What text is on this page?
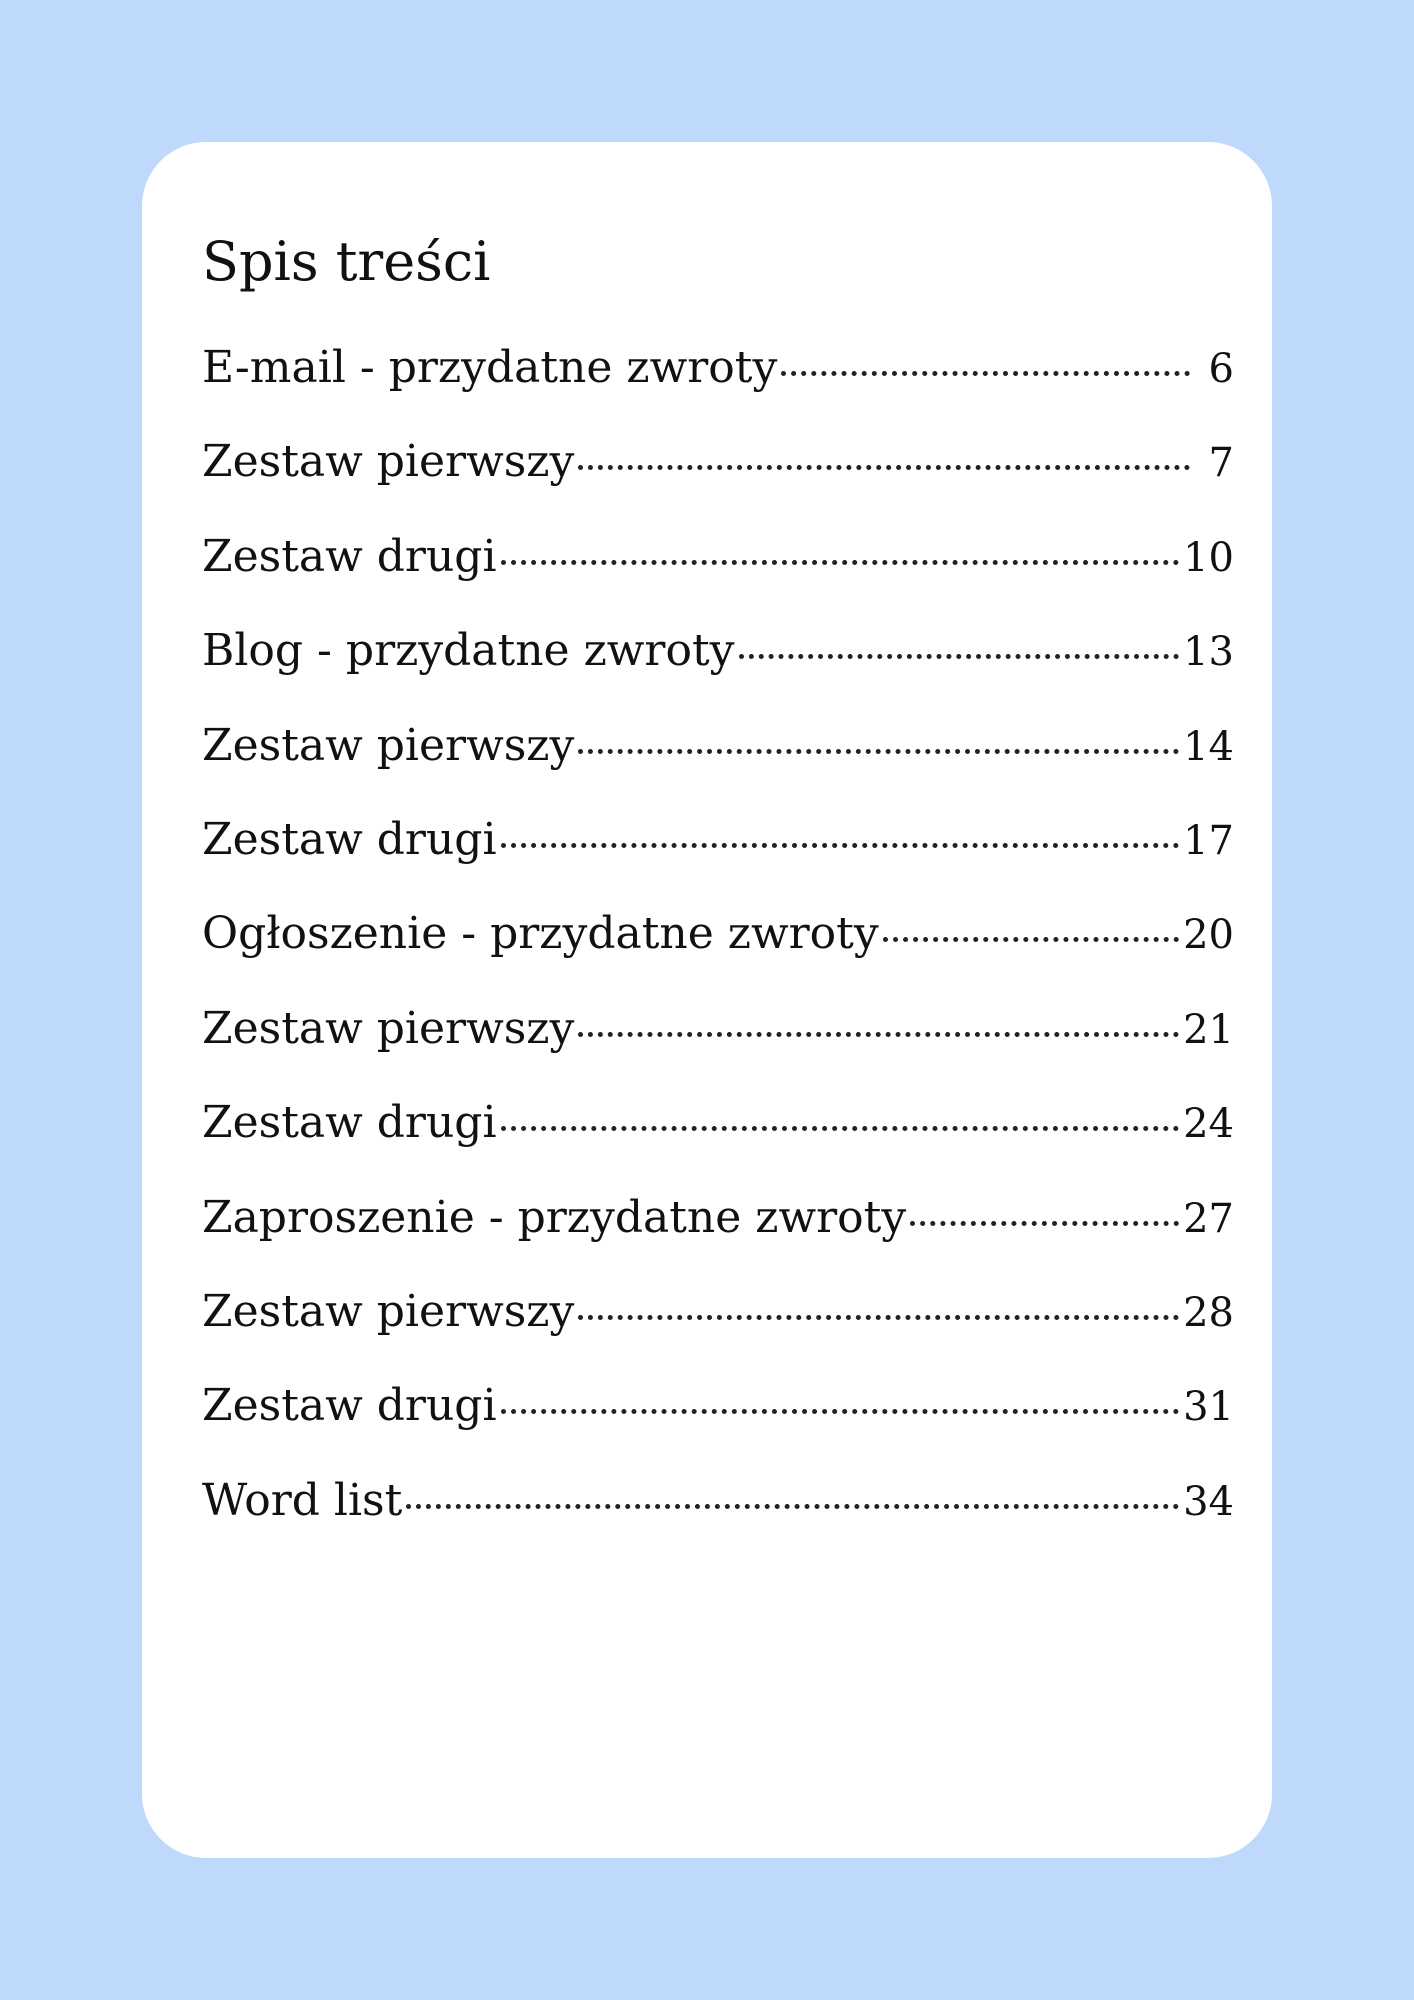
Spis treści
E-mail - przydatne zwroty	6
Zestaw pierwszy	7
Zestaw drugi	10
Blog - przydatne zwroty	13
Zestaw pierwszy	14
Zestaw drugi	17
Ogłoszenie - przydatne zwroty	20
Zestaw pierwszy	21
Zestaw drugi	24
Zaproszenie - przydatne zwroty	27
Zestaw pierwszy	28
Zestaw drugi	31
Word list	34
